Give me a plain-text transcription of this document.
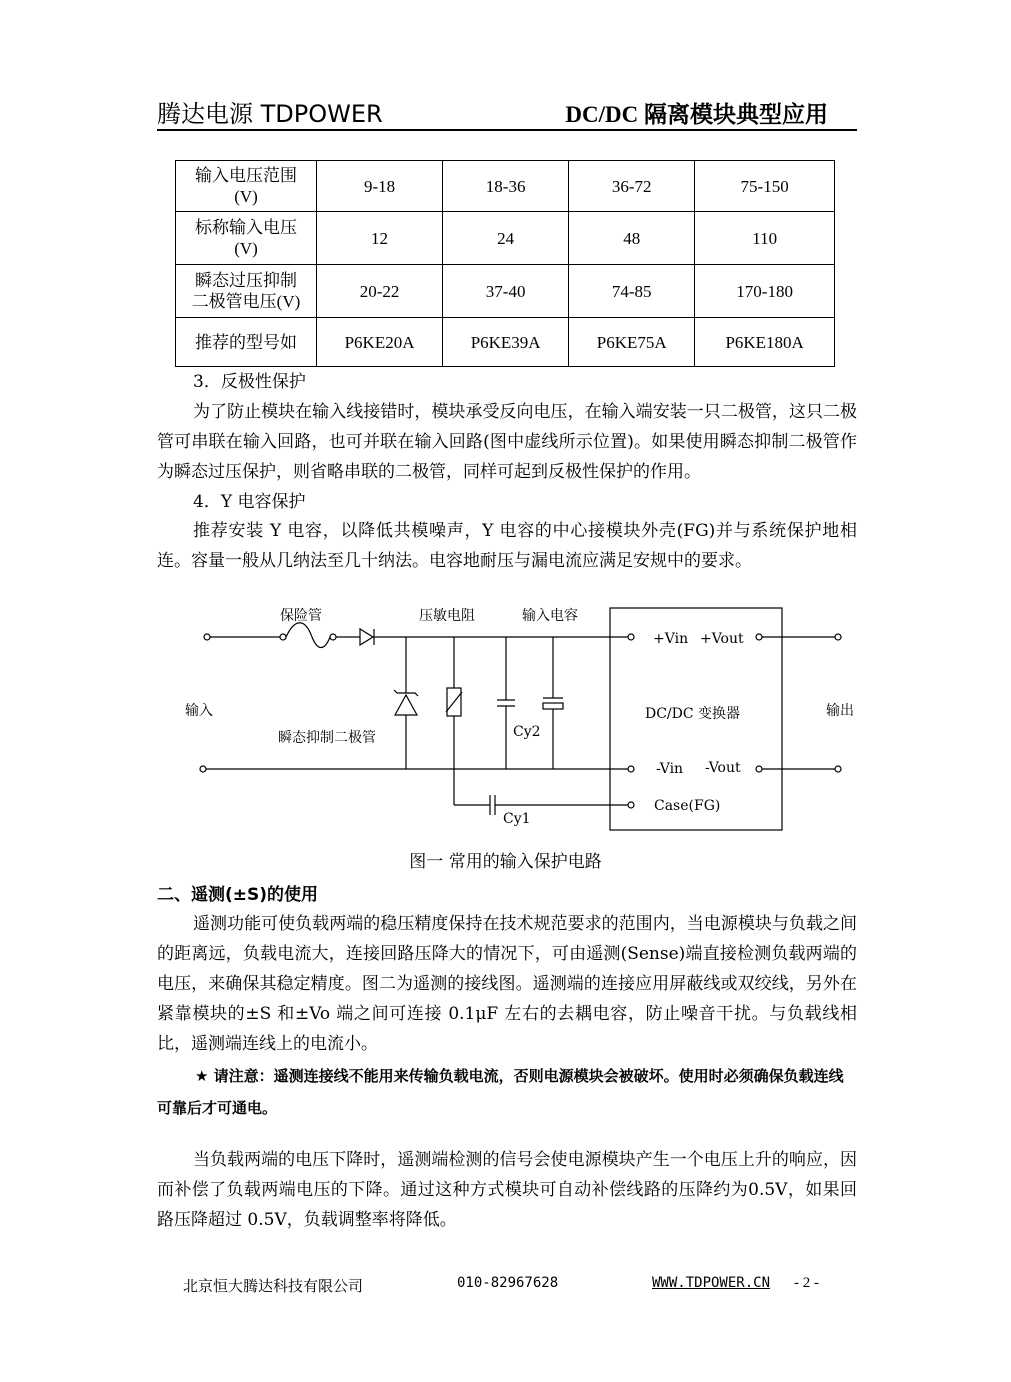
腾达电源 TDPOWER	DC/DC 隔离模块典型应用
输入电压范围
(V)	9-18	18-36	36-72	75-150
标称输入电压
(V)	12	24	48	110
瞬态过压抑制
二极管电压(V)	20-22	37-40	74-85	170-180
推荐的型号如	P6KE20A	P6KE39A	P6KE75A	P6KE180A
3．反极性保护
为了防止模块在输入线接错时，模块承受反向电压，在输入端安装一只二极管，这只二极管可串联在输入回路，也可并联在输入回路(图中虚线所示位置)。如果使用瞬态抑制二极管作为瞬态过压保护，则省略串联的二极管，同样可起到反极性保护的作用。
4．Y 电容保护
推荐安装 Y 电容，以降低共模噪声，Y 电容的中心接模块外壳(FG)并与系统保护地相连。容量一般从几纳法至几十纳法。电容地耐压与漏电流应满足安规中的要求。
保险管	压敏电阻	输入电容
输入	输出
瞬态抑制二极管	Cy2
Cy1
+Vin +Vout
DC/DC 变换器
-Vin -Vout
Case(FG)
图一 常用的输入保护电路
二、遥测(±S)的使用
遥测功能可使负载两端的稳压精度保持在技术规范要求的范围内，当电源模块与负载之间的距离远，负载电流大，连接回路压降大的情况下，可由遥测(Sense)端直接检测负载两端的电压，来确保其稳定精度。图二为遥测的接线图。遥测端的连接应用屏蔽线或双绞线，另外在紧靠模块的±S 和±Vo 端之间可连接 0.1μF 左右的去耦电容，防止噪音干扰。与负载线相比，遥测端连线上的电流小。
★ 请注意：遥测连接线不能用来传输负载电流，否则电源模块会被破坏。使用时必须确保负载连线可靠后才可通电。
当负载两端的电压下降时，遥测端检测的信号会使电源模块产生一个电压上升的响应，因而补偿了负载两端电压的下降。通过这种方式模块可自动补偿线路的压降约为0.5V，如果回路压降超过 0.5V，负载调整率将降低。
北京恒大腾达科技有限公司	010-82967628	WWW.TDPOWER.CN - 2 -
